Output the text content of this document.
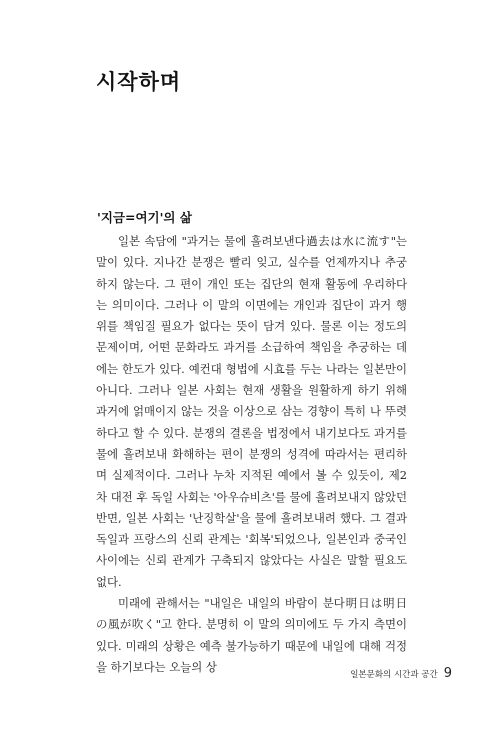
시작하며
'지금=여기'의 삶

일본 속담에 "과거는 물에 흘려보낸다過去は水に流す"는 말이 있다. 지나간 분쟁은 빨리 잊고, 실수를 언제까지나 추궁하지 않는다. 그 편이 개인 또는 집단의 현재 활동에 우리하다는 의미이다. 그러나 이 말의 이면에는 개인과 집단이 과거 행위를 책임질 필요가 없다는 뜻이 담겨 있다. 물론 이는 정도의 문제이며, 어떤 문화라도 과거를 소급하여 책임을 추궁하는 데에는 한도가 있다. 예컨대 형법에 시효를 두는 나라는 일본만이 아니다. 그러나 일본 사회는 현재 생활을 원활하게 하기 위해 과거에 얽매이지 않는 것을 이상으로 삼는 경향이 특히 나 뚜렷하다고 할 수 있다. 분쟁의 결론을 법정에서 내기보다도 과거를 물에 흘려보내 화해하는 편이 분쟁의 성격에 따라서는 편리하며 실제적이다. 그러나 누차 지적된 예에서 볼 수 있듯이, 제2차 대전 후 독일 사회는 '아우슈비츠'를 물에 흘려보내지 않았던 반면, 일본 사회는 '난징학살'을 물에 흘려보내려 했다. 그 결과 독일과 프랑스의 신뢰 관계는 '회복'되었으나, 일본인과 중국인 사이에는 신뢰 관계가 구축되지 않았다는 사실은 말할 필요도 없다.

미래에 관해서는 "내일은 내일의 바람이 분다明日は明日の風が吹く"고 한다. 분명히 이 말의 의미에도 두 가지 측면이 있다. 미래의 상황은 예측 불가능하기 때문에 내일에 대해 걱정을 하기보다는 오늘의 상

일본문화의 시간과 공간 9
